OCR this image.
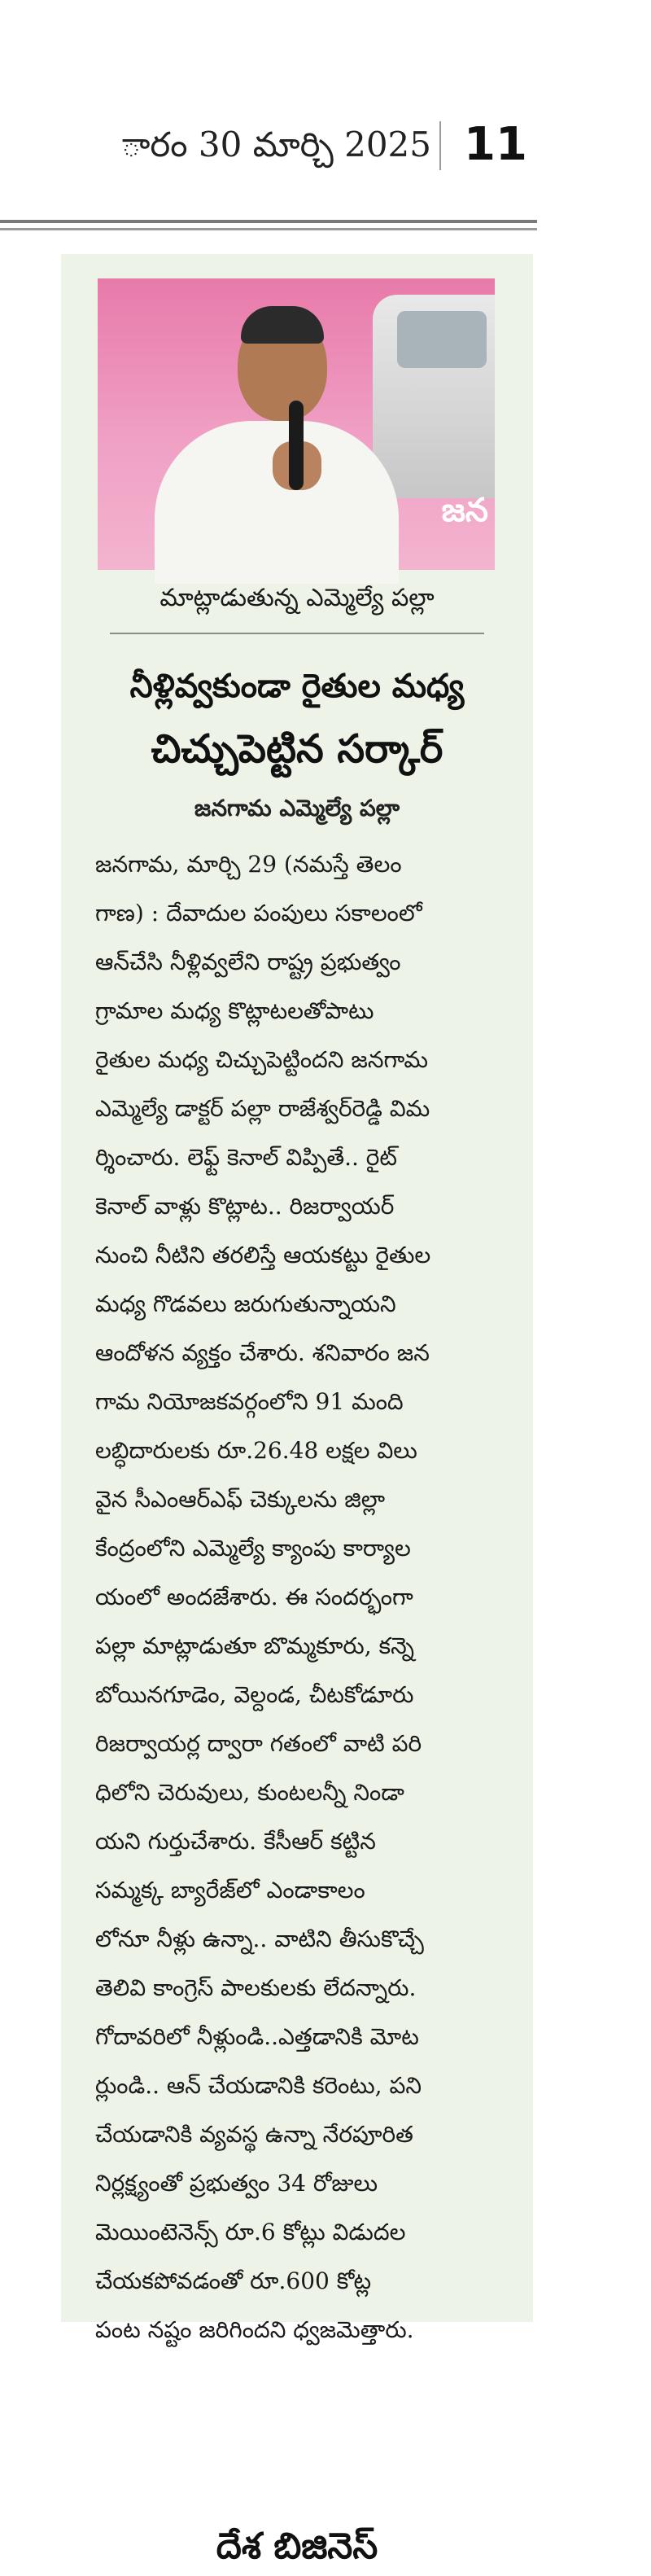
ారం 30 మార్చి 2025 11
జన
మాట్లాడుతున్న ఎమ్మెల్యే పల్లా
నీళ్లివ్వకుండా రైతుల మధ్య
చిచ్చుపెట్టిన సర్కార్
జనగామ ఎమ్మెల్యే పల్లా
జనగామ, మార్చి 29 (నమస్తే తెలం
గాణ) : దేవాదుల పంపులు సకాలంలో
ఆన్‌చేసి నీళ్లివ్వలేని రాష్ట్ర ప్రభుత్వం
గ్రామాల మధ్య కొట్లాటలతోపాటు
రైతుల మధ్య చిచ్చుపెట్టిందని జనగామ
ఎమ్మెల్యే డాక్టర్ పల్లా రాజేశ్వర్‌రెడ్డి విమ
ర్శించారు. లెఫ్ట్ కెనాల్ విప్పితే.. రైట్
కెనాల్ వాళ్లు కొట్లాట.. రిజర్వాయర్
నుంచి నీటిని తరలిస్తే ఆయకట్టు రైతుల
మధ్య గొడవలు జరుగుతున్నాయని
ఆందోళన వ్యక్తం చేశారు. శనివారం జన
గామ నియోజకవర్గంలోని 91 మంది
లబ్ధిదారులకు రూ.26.48 లక్షల విలు
వైన సీఎంఆర్‌ఎఫ్ చెక్కులను జిల్లా
కేంద్రంలోని ఎమ్మెల్యే క్యాంపు కార్యాల
యంలో అందజేశారు. ఈ సందర్భంగా
పల్లా మాట్లాడుతూ బొమ్మకూరు, కన్నె
బోయినగూడెం, వెల్దండ, చీటకోడూరు
రిజర్వాయర్ల ద్వారా గతంలో వాటి పరి
ధిలోని చెరువులు, కుంటలన్నీ నిండా
యని గుర్తుచేశారు. కేసీఆర్ కట్టిన
సమ్మక్క బ్యారేజ్‌లో ఎండాకాలం
లోనూ నీళ్లు ఉన్నా.. వాటిని తీసుకొచ్చే
తెలివి కాంగ్రెస్ పాలకులకు లేదన్నారు.
గోదావరిలో నీళ్లుండి..ఎత్తడానికి మోట
ర్లుండి.. ఆన్ చేయడానికి కరెంటు, పని
చేయడానికి వ్యవస్థ ఉన్నా నేరపూరిత
నిర్లక్ష్యంతో ప్రభుత్వం 34 రోజులు
మెయింటెనెన్స్ రూ.6 కోట్లు విడుదల
చేయకపోవడంతో రూ.600 కోట్ల
పంట నష్టం జరిగిందని ధ్వజమెత్తారు.
దేశ బిజినెస్
